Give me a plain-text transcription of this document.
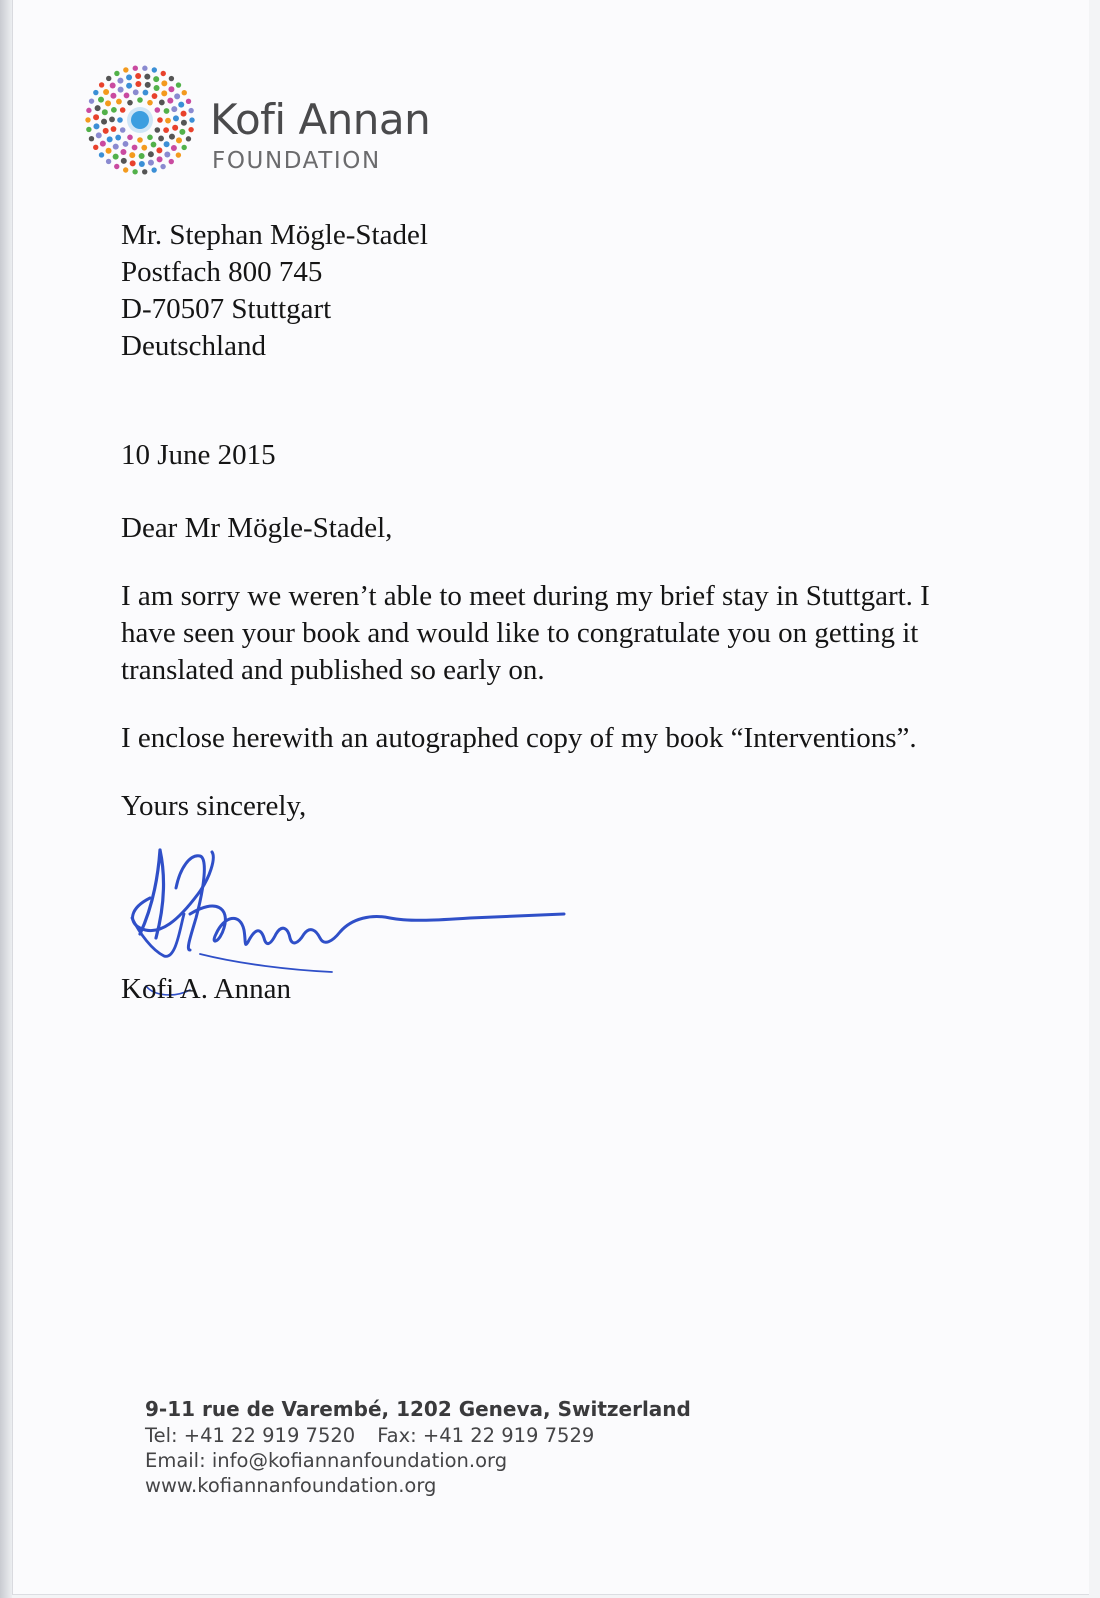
Kofi Annan
FOUNDATION
Mr. Stephan Mögle-Stadel
Postfach 800 745
D-70507 Stuttgart
Deutschland
10 June 2015
Dear Mr Mögle-Stadel,
I am sorry we weren’t able to meet during my brief stay in Stuttgart. I
have seen your book and would like to congratulate you on getting it
translated and published so early on.
I enclose herewith an autographed copy of my book “Interventions”.
Yours sincerely,
Kofi A. Annan
9-11 rue de Varembé, 1202 Geneva, Switzerland
Tel: +41 22 919 7520 Fax: +41 22 919 7529
Email: info@kofiannanfoundation.org
www.kofiannanfoundation.org
